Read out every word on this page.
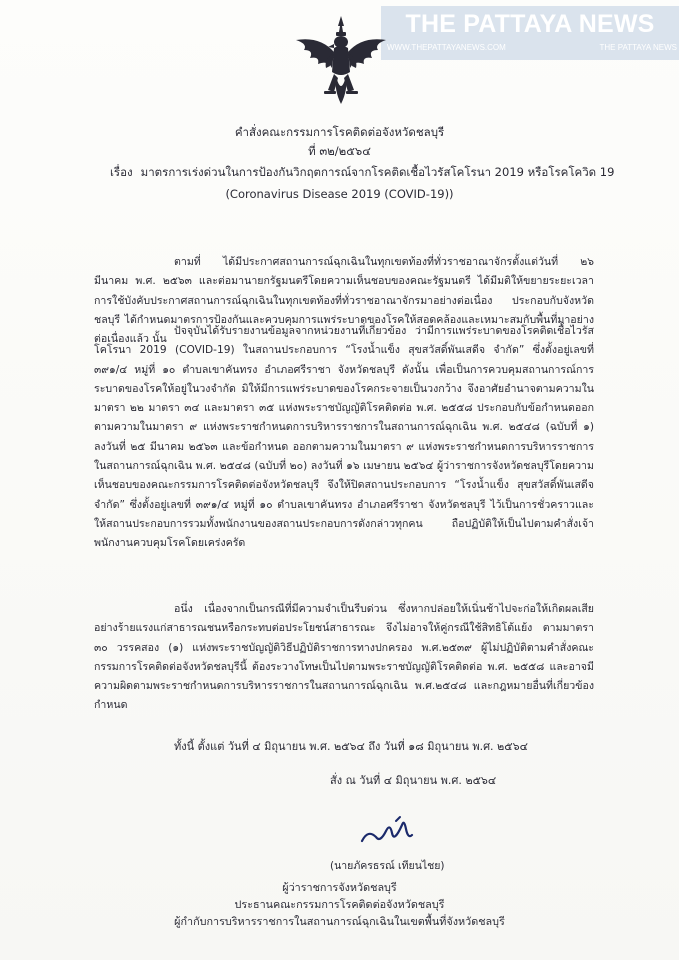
THE PATTAYA NEWS
WWW.THEPATTAYANEWS.COM	THE PATTAYA NEWS
คำสั่งคณะกรรมการโรคติดต่อจังหวัดชลบุรี
ที่ ๓๒/๒๕๖๔
เรื่อง มาตรการเร่งด่วนในการป้องกันวิกฤตการณ์จากโรคติดเชื้อไวรัสโคโรนา 2019 หรือโรคโควิด 19
(Coronavirus Disease 2019 (COVID-19))
ตามที่ ได้มีประกาศสถานการณ์ฉุกเฉินในทุกเขตท้องที่ทั่วราชอาณาจักรตั้งแต่วันที่ ๒๖ มีนาคม พ.ศ. ๒๕๖๓ และต่อมานายกรัฐมนตรีโดยความเห็นชอบของคณะรัฐมนตรี ได้มีมติให้ขยายระยะเวลาการใช้บังคับประกาศสถานการณ์ฉุกเฉินในทุกเขตท้องที่ทั่วราชอาณาจักรมาอย่างต่อเนื่อง ประกอบกับจังหวัดชลบุรี ได้กำหนดมาตรการป้องกันและควบคุมการแพร่ระบาดของโรคให้สอดคล้องและเหมาะสมกับพื้นที่มาอย่างต่อเนื่องแล้ว นั้น
ปัจจุบันได้รับรายงานข้อมูลจากหน่วยงานที่เกี่ยวข้อง ว่ามีการแพร่ระบาดของโรคติดเชื้อไวรัสโคโรนา 2019 (COVID-19) ในสถานประกอบการ “โรงน้ำแข็ง สุขสวัสดิ์พันเสดีจ จำกัด” ซึ่งตั้งอยู่เลขที่ ๓๙๑/๔ หมู่ที่ ๑๐ ตำบลเขาคันทรง อำเภอศรีราชา จังหวัดชลบุรี ดังนั้น เพื่อเป็นการควบคุมสถานการณ์การระบาดของโรคให้อยู่ในวงจำกัด มิให้มีการแพร่ระบาดของโรคกระจายเป็นวงกว้าง จึงอาศัยอำนาจตามความในมาตรา ๒๒ มาตรา ๓๔ และมาตรา ๓๕ แห่งพระราชบัญญัติโรคติดต่อ พ.ศ. ๒๕๕๘ ประกอบกับข้อกำหนดออกตามความในมาตรา ๙ แห่งพระราชกำหนดการบริหารราชการในสถานการณ์ฉุกเฉิน พ.ศ. ๒๕๔๘ (ฉบับที่ ๑) ลงวันที่ ๒๕ มีนาคม ๒๕๖๓ และข้อกำหนด ออกตามความในมาตรา ๙ แห่งพระราชกำหนดการบริหารราชการในสถานการณ์ฉุกเฉิน พ.ศ. ๒๕๔๘ (ฉบับที่ ๒๐) ลงวันที่ ๑๖ เมษายน ๒๕๖๔ ผู้ว่าราชการจังหวัดชลบุรีโดยความเห็นชอบของคณะกรรมการโรคติดต่อจังหวัดชลบุรี จึงให้ปิดสถานประกอบการ “โรงน้ำแข็ง สุขสวัสดิ์พันเสดีจ จำกัด” ซึ่งตั้งอยู่เลขที่ ๓๙๑/๔ หมู่ที่ ๑๐ ตำบลเขาคันทรง อำเภอศรีราชา จังหวัดชลบุรี ไว้เป็นการชั่วคราวและให้สถานประกอบการรวมทั้งพนักงานของสถานประกอบการดังกล่าวทุกคน ถือปฏิบัติให้เป็นไปตามคำสั่งเจ้าพนักงานควบคุมโรคโดยเคร่งครัด
อนึ่ง เนื่องจากเป็นกรณีที่มีความจำเป็นรีบด่วน ซึ่งหากปล่อยให้เนิ่นช้าไปจะก่อให้เกิดผลเสียอย่างร้ายแรงแก่สาธารณชนหรือกระทบต่อประโยชน์สาธารณะ จึงไม่อาจให้คู่กรณีใช้สิทธิโต้แย้ง ตามมาตรา ๓๐ วรรคสอง (๑) แห่งพระราชบัญญัติวิธีปฏิบัติราชการทางปกครอง พ.ศ.๒๕๓๙ ผู้ไม่ปฏิบัติตามคำสั่งคณะกรรมการโรคติดต่อจังหวัดชลบุรีนี้ ต้องระวางโทษเป็นไปตามพระราชบัญญัติโรคติดต่อ พ.ศ. ๒๕๕๘ และอาจมีความผิดตามพระราชกำหนดการบริหารราชการในสถานการณ์ฉุกเฉิน พ.ศ.๒๕๔๘ และกฎหมายอื่นที่เกี่ยวข้องกำหนด
ทั้งนี้ ตั้งแต่ วันที่ ๔ มิถุนายน พ.ศ. ๒๕๖๔ ถึง วันที่ ๑๘ มิถุนายน พ.ศ. ๒๕๖๔
สั่ง ณ วันที่ ๔ มิถุนายน พ.ศ. ๒๕๖๔
(นายภัครธรณ์ เทียนไชย)
ผู้ว่าราชการจังหวัดชลบุรี
ประธานคณะกรรมการโรคติดต่อจังหวัดชลบุรี
ผู้กำกับการบริหารราชการในสถานการณ์ฉุกเฉินในเขตพื้นที่จังหวัดชลบุรี
